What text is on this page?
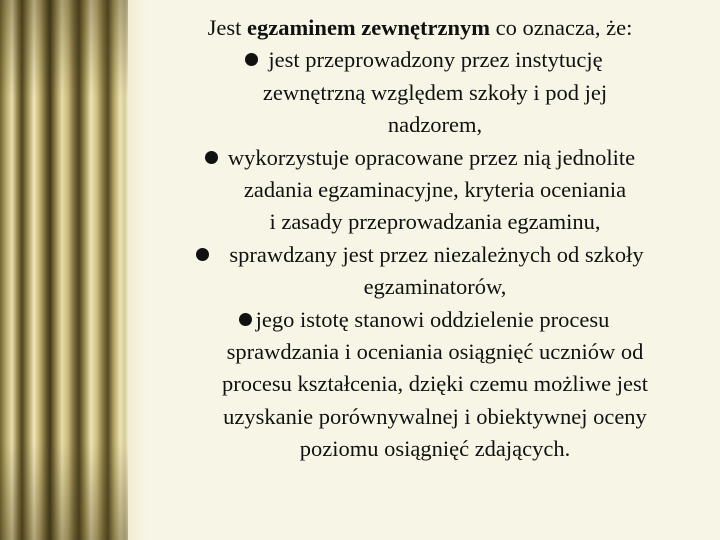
Jest egzaminem zewnętrznym co oznacza, że:
jest przeprowadzony przez instytucję
zewnętrzną względem szkoły i pod jej
nadzorem,
wykorzystuje opracowane przez nią jednolite
zadania egzaminacyjne, kryteria oceniania
i zasady przeprowadzania egzaminu,
sprawdzany jest przez niezależnych od szkoły
egzaminatorów,
jego istotę stanowi oddzielenie procesu
sprawdzania i oceniania osiągnięć uczniów od
procesu kształcenia, dzięki czemu możliwe jest
uzyskanie porównywalnej i obiektywnej oceny
poziomu osiągnięć zdających.
